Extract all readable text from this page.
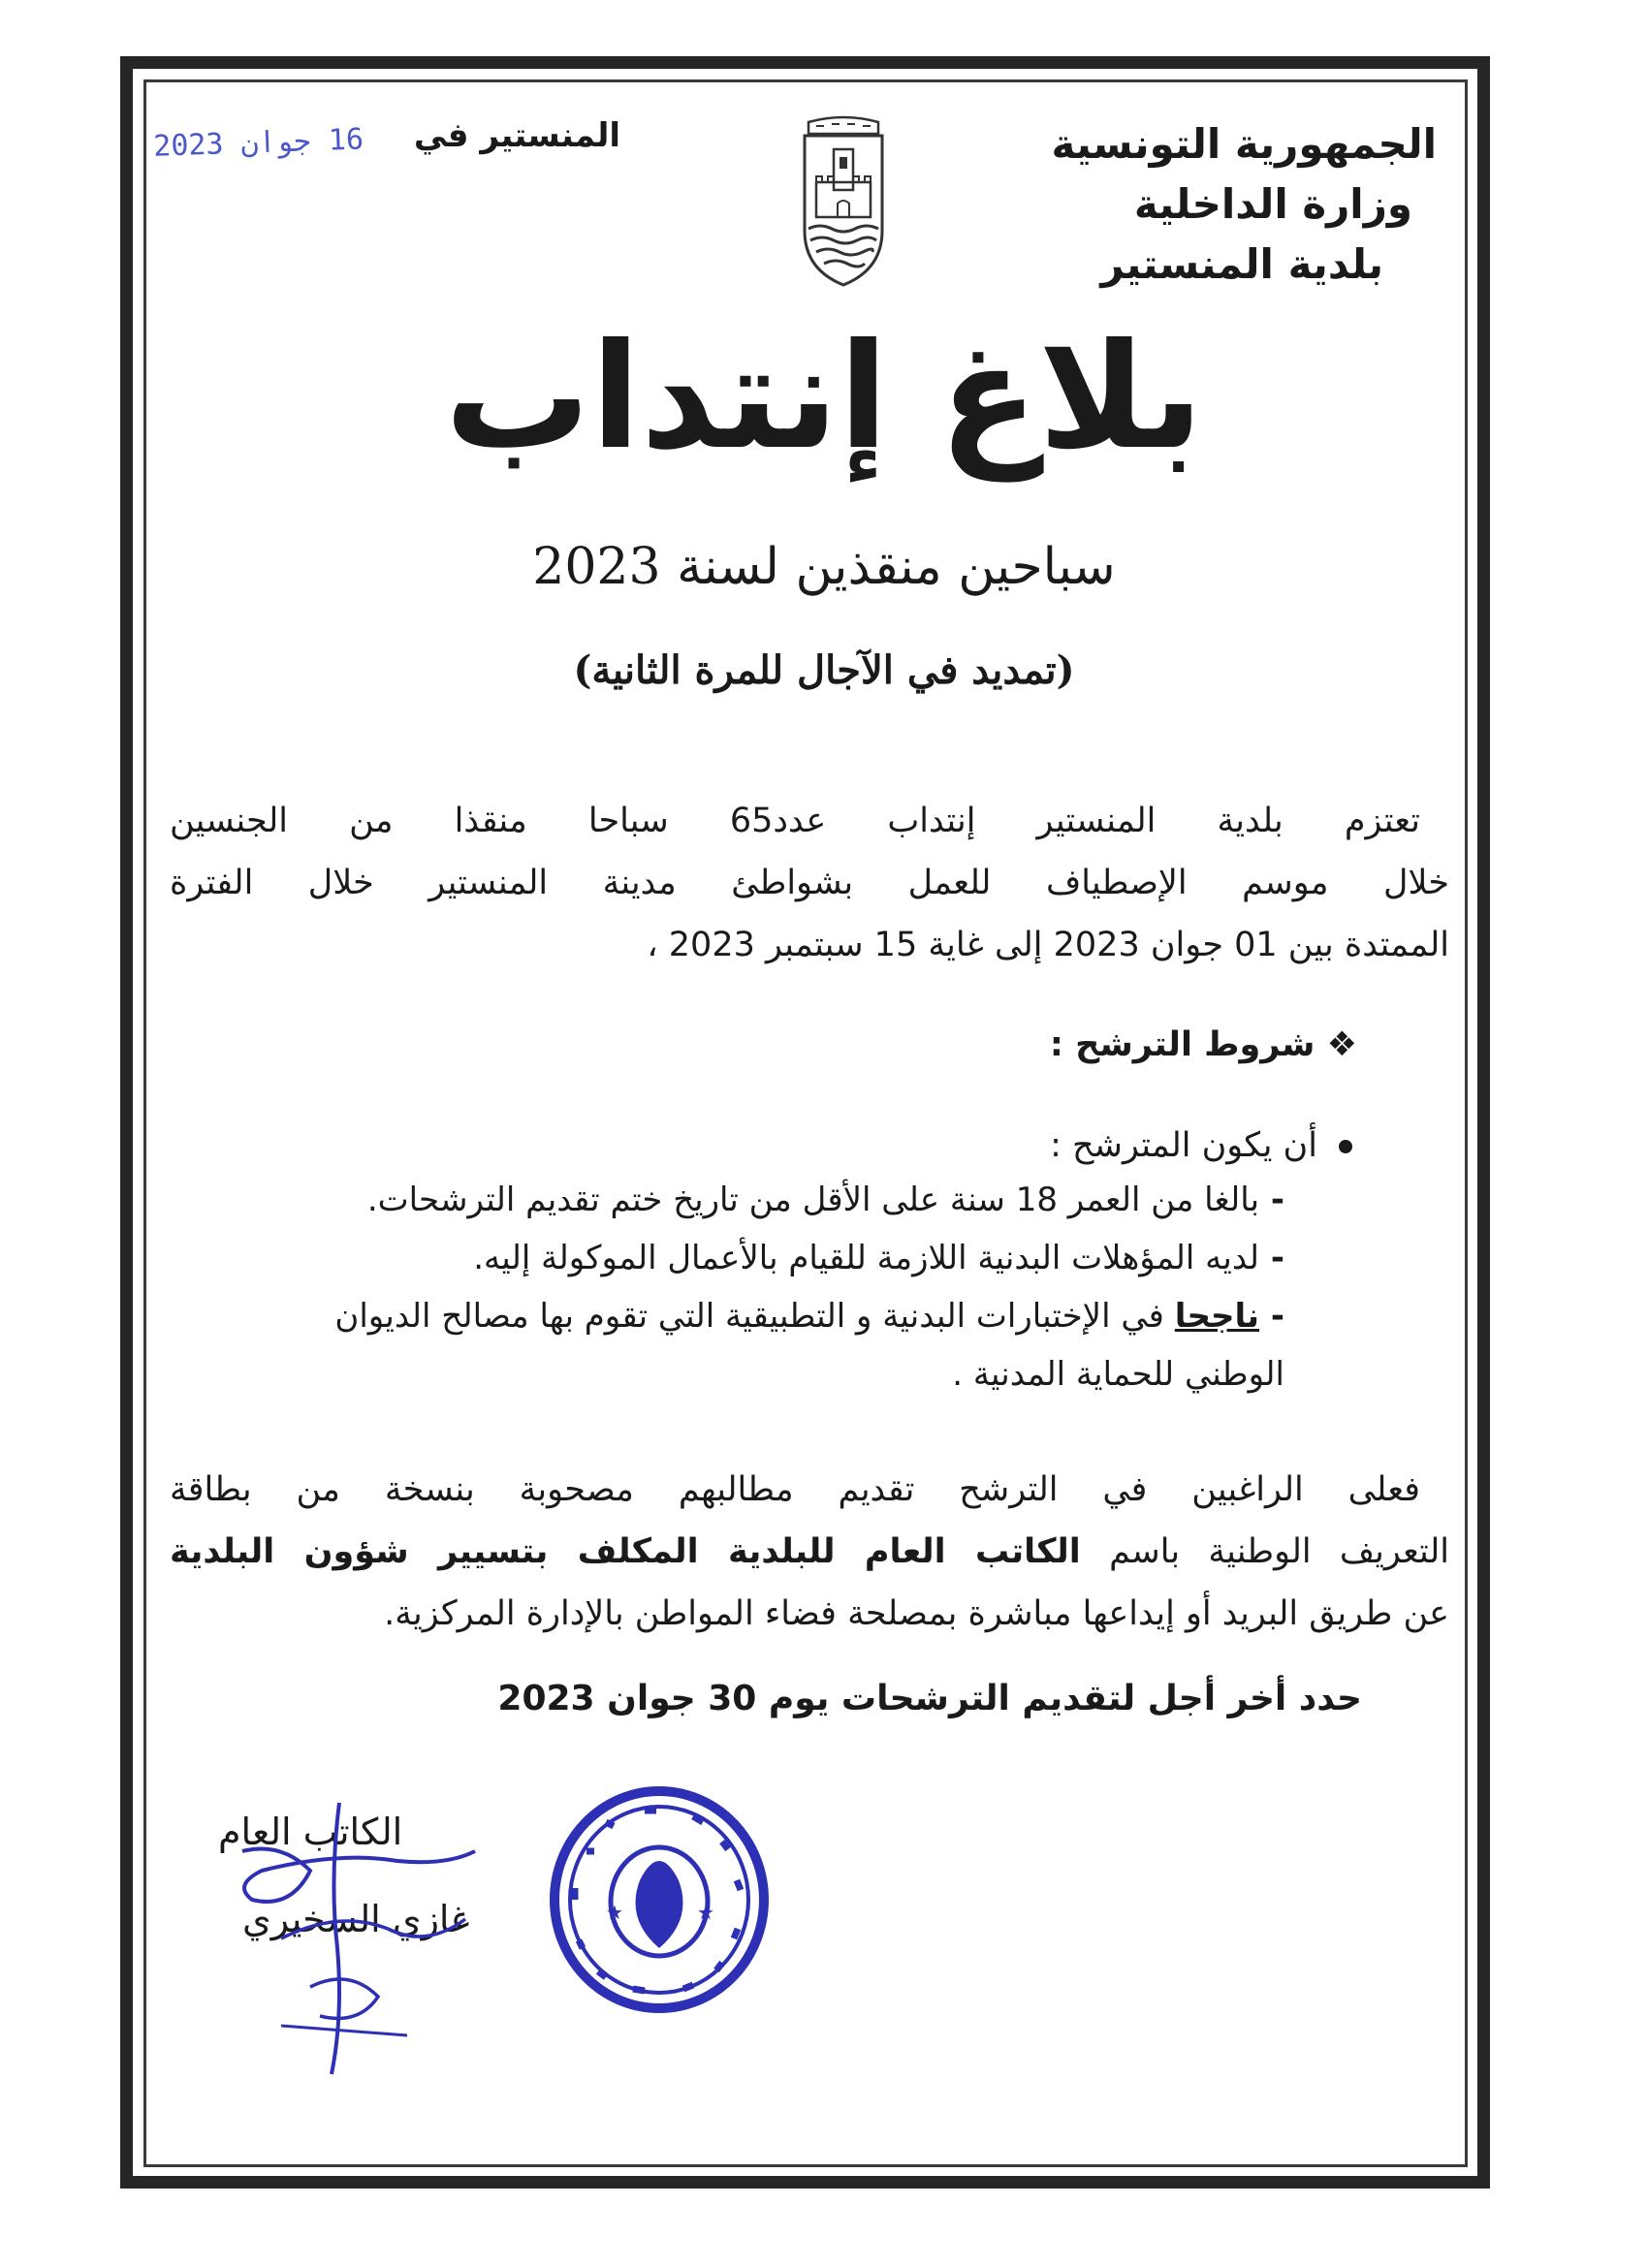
الجمهورية التونسية
وزارة الداخلية
بلدية المنستير
المنستير في
16 جوان 2023
بلاغ إنتداب
سباحين منقذين لسنة 2023
(تمديد في الآجال للمرة الثانية)
تعتزم بلدية المنستير إنتداب عدد65 سباحا منقذا من الجنسين
خلال موسم الإصطياف للعمل بشواطئ مدينة المنستير خلال الفترة
الممتدة بين 01 جوان 2023 إلى غاية 15 سبتمبر 2023 ،
❖ شروط الترشح :
أن يكون المترشح :
- بالغا من العمر 18 سنة على الأقل من تاريخ ختم تقديم الترشحات.
- لديه المؤهلات البدنية اللازمة للقيام بالأعمال الموكولة إليه.
- ناجحا في الإختبارات البدنية و التطبيقية التي تقوم بها مصالح الديوان
الوطني للحماية المدنية .
فعلى الراغبين في الترشح تقديم مطالبهم مصحوبة بنسخة من بطاقة
التعريف الوطنية باسم الكاتب العام للبلدية المكلف بتسيير شؤون البلدية
عن طريق البريد أو إيداعها مباشرة بمصلحة فضاء المواطن بالإدارة المركزية.
حدد أخر أجل لتقديم الترشحات يوم 30 جوان 2023
الكاتب العام
غازي السخيري	★	★
